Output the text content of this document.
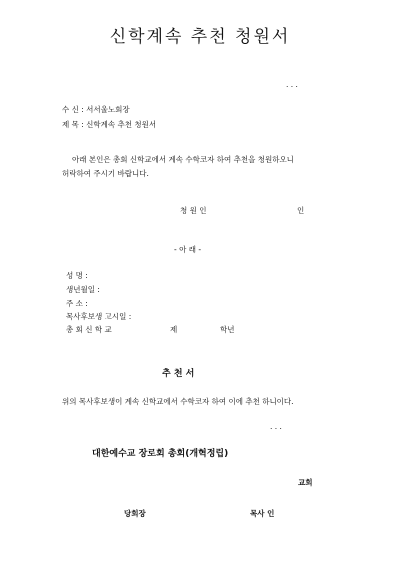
신학계속 추천 청원서
. . .
수 신 : 서서울노회장
제 목 : 신학계속 추천 청원서
아래 본인은 총회 신학교에서 계속 수학코자 하여 추천을 청원하오니
허락하여 주시기 바랍니다.
청 원 인	인
- 아 래 -
성 명 :
생년월일 :
주 소 :
목사후보생 고시일 :
총 회 신 학 교	제	학년
추 천 서
위의 목사후보생이 계속 신학교에서 수학코자 하여 이에 추천 하니이다.
. . .
대한예수교 장로회 총회(개혁정립)
교회
당회장	목사 인
